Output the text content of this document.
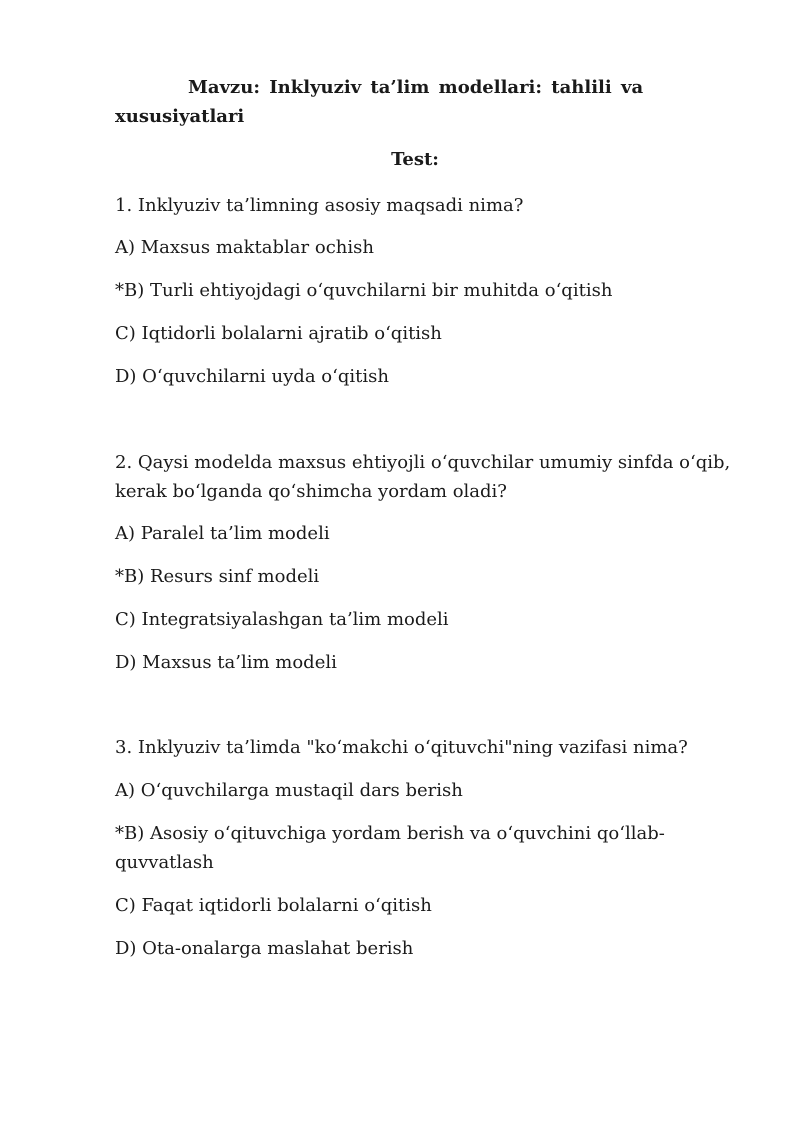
Mavzu: Inklyuziv ta’lim modellari: tahlili va
xususiyatlari
Test:
1. Inklyuziv ta’limning asosiy maqsadi nima?
A) Maxsus maktablar ochish
*B) Turli ehtiyojdagi o‘quvchilarni bir muhitda o‘qitish
C) Iqtidorli bolalarni ajratib o‘qitish
D) O‘quvchilarni uyda o‘qitish
2. Qaysi modelda maxsus ehtiyojli o‘quvchilar umumiy sinfda o‘qib,
kerak bo‘lganda qo‘shimcha yordam oladi?
A) Paralel ta’lim modeli
*B) Resurs sinf modeli
C) Integratsiyalashgan ta’lim modeli
D) Maxsus ta’lim modeli
3. Inklyuziv ta’limda "ko‘makchi o‘qituvchi"ning vazifasi nima?
A) O‘quvchilarga mustaqil dars berish
*B) Asosiy o‘qituvchiga yordam berish va o‘quvchini qo‘llab-
quvvatlash
C) Faqat iqtidorli bolalarni o‘qitish
D) Ota-onalarga maslahat berish
